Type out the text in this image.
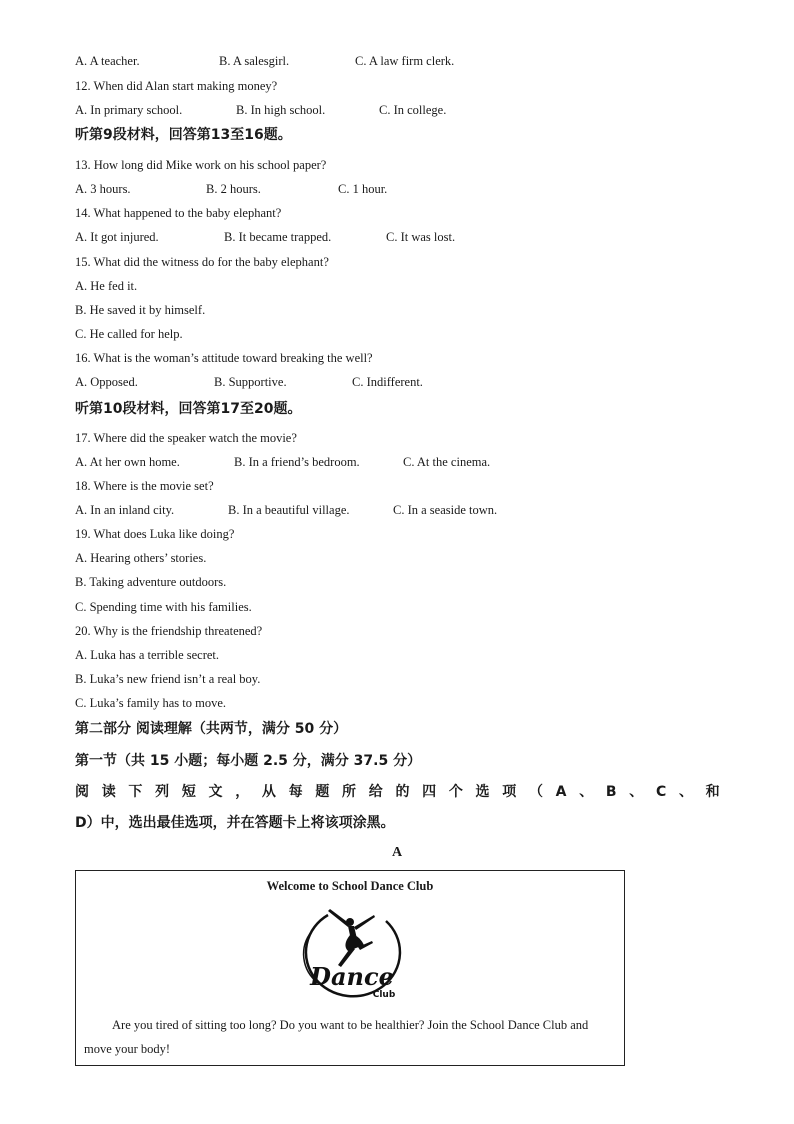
A. A teacher.	B. A salesgirl.	C. A law firm clerk.
12. When did Alan start making money?
A. In primary school.	B. In high school.	C. In college.
听第9段材料，回答第13至16题。
13. How long did Mike work on his school paper?
A. 3 hours.	B. 2 hours.	C. 1 hour.
14. What happened to the baby elephant?
A. It got injured.	B. It became trapped.	C. It was lost.
15. What did the witness do for the baby elephant?
A. He fed it.
B. He saved it by himself.
C. He called for help.
16. What is the woman’s attitude toward breaking the well?
A. Opposed.	B. Supportive.	C. Indifferent.
听第10段材料，回答第17至20题。
17. Where did the speaker watch the movie?
A. At her own home.	B. In a friend’s bedroom.	C. At the cinema.
18. Where is the movie set?
A. In an inland city.	B. In a beautiful village.	C. In a seaside town.
19. What does Luka like doing?
A. Hearing others’ stories.
B. Taking adventure outdoors.
C. Spending time with his families.
20. Why is the friendship threatened?
A. Luka has a terrible secret.
B. Luka’s new friend isn’t a real boy.
C. Luka’s family has to move.
第二部分 阅读理解（共两节，满分 50 分）
第一节（共 15 小题；每小题 2.5 分，满分 37.5 分）
阅 读 下 列 短 文 ， 从 每 题 所 给 的 四 个 选 项 （ A 、 B 、 C 、 和
D）中，选出最佳选项，并在答题卡上将该项涂黑。
A
Welcome to School Dance Club
Dance
Club
Are you tired of sitting too long? Do you want to be healthier? Join the School Dance Club and move your body!
